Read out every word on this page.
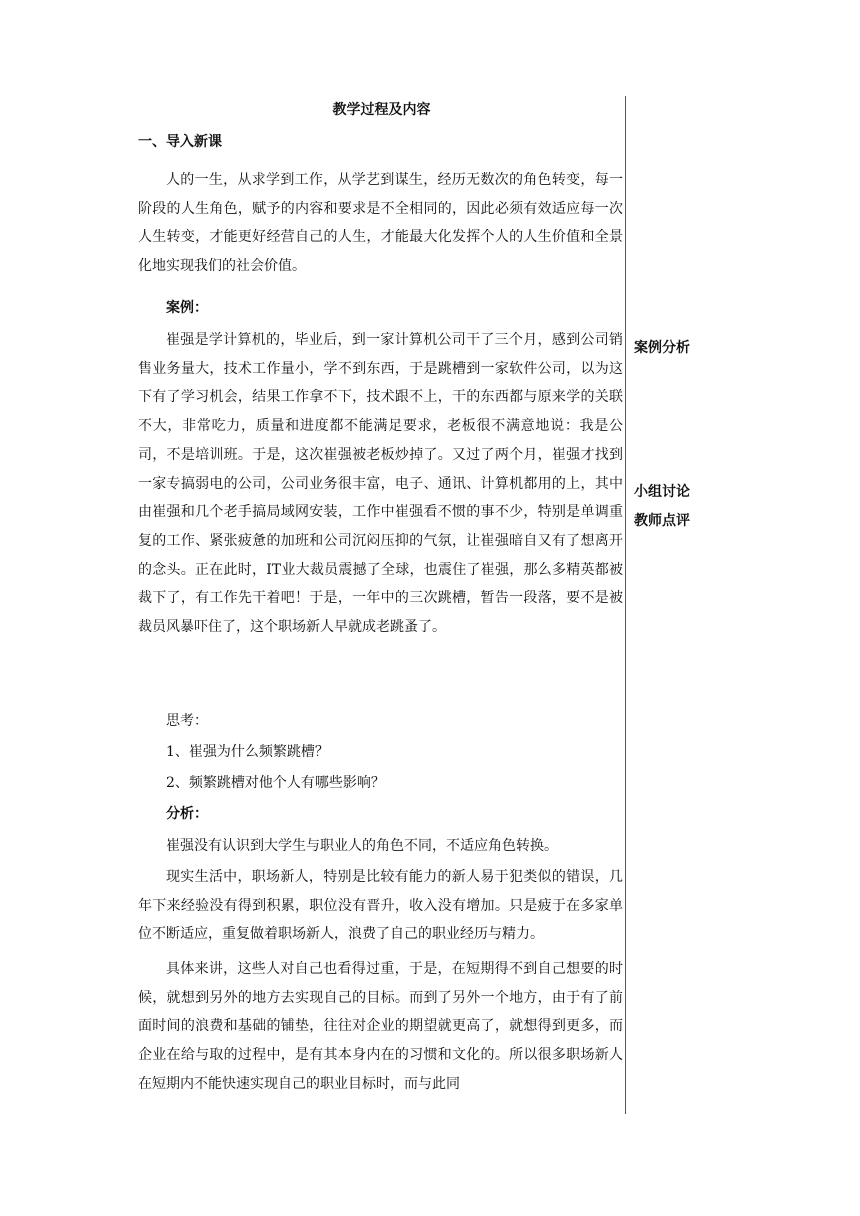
教学过程及内容
一、导入新课

人的一生，从求学到工作，从学艺到谋生，经历无数次的角色转变，每一阶段的人生角色，赋予的内容和要求是不全相同的，因此必须有效适应每一次人生转变，才能更好经营自己的人生，才能最大化发挥个人的人生价值和全景化地实现我们的社会价值。

案例：

崔强是学计算机的，毕业后，到一家计算机公司干了三个月，感到公司销售业务量大，技术工作量小，学不到东西，于是跳槽到一家软件公司，以为这下有了学习机会，结果工作拿不下，技术跟不上，干的东西都与原来学的关联不大，非常吃力，质量和进度都不能满足要求，老板很不满意地说：我是公司，不是培训班。于是，这次崔强被老板炒掉了。又过了两个月，崔强才找到一家专搞弱电的公司，公司业务很丰富，电子、通讯、计算机都用的上，其中由崔强和几个老手搞局域网安装，工作中崔强看不惯的事不少，特别是单调重复的工作、紧张疲惫的加班和公司沉闷压抑的气氛，让崔强暗自又有了想离开的念头。正在此时，IT业大裁员震撼了全球，也震住了崔强，那么多精英都被裁下了，有工作先干着吧！于是，一年中的三次跳槽，暂告一段落，要不是被裁员风暴吓住了，这个职场新人早就成老跳蚤了。

思考：
1、崔强为什么频繁跳槽？
2、频繁跳槽对他个人有哪些影响？
分析：

崔强没有认识到大学生与职业人的角色不同，不适应角色转换。

现实生活中，职场新人，特别是比较有能力的新人易于犯类似的错误，几年下来经验没有得到积累，职位没有晋升，收入没有增加。只是疲于在多家单位不断适应，重复做着职场新人，浪费了自己的职业经历与精力。

具体来讲，这些人对自己也看得过重，于是，在短期得不到自己想要的时候，就想到另外的地方去实现自己的目标。而到了另外一个地方，由于有了前面时间的浪费和基础的铺垫，往往对企业的期望就更高了，就想得到更多，而企业在给与取的过程中，是有其本身内在的习惯和文化的。所以很多职场新人在短期内不能快速实现自己的职业目标时，而与此同

案例分析

小组讨论

教师点评
